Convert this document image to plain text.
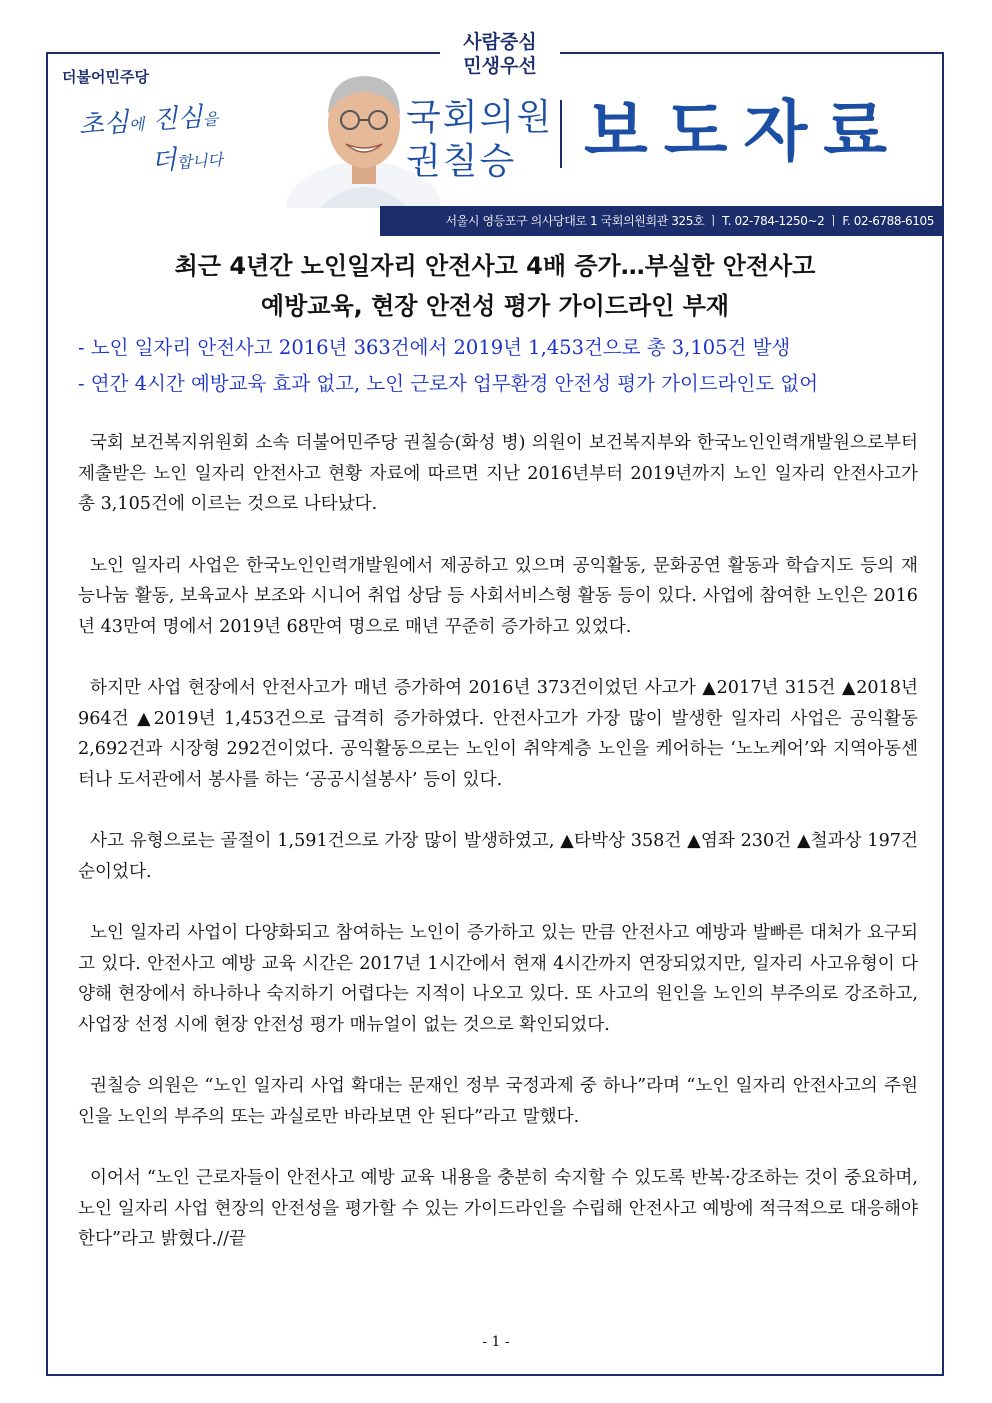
사람중심
민생우선
더불어민주당
초심에 진심을
더합니다
국회의원
권칠승	보도자료
서울시 영등포구 의사당대로 1 국회의원회관 325호 ㅣ T. 02-784-1250~2 ㅣ F. 02-6788-6105
최근 4년간 노인일자리 안전사고 4배 증가…부실한 안전사고
예방교육, 현장 안전성 평가 가이드라인 부재
- 노인 일자리 안전사고 2016년 363건에서 2019년 1,453건으로 총 3,105건 발생
- 연간 4시간 예방교육 효과 없고, 노인 근로자 업무환경 안전성 평가 가이드라인도 없어

국회 보건복지위원회 소속 더불어민주당 권칠승(화성 병) 의원이 보건복지부와 한국노인인력개발원으로부터 제출받은 노인 일자리 안전사고 현황 자료에 따르면 지난 2016년부터 2019년까지 노인 일자리 안전사고가 총 3,105건에 이르는 것으로 나타났다.

노인 일자리 사업은 한국노인인력개발원에서 제공하고 있으며 공익활동, 문화공연 활동과 학습지도 등의 재능나눔 활동, 보육교사 보조와 시니어 취업 상담 등 사회서비스형 활동 등이 있다. 사업에 참여한 노인은 2016년 43만여 명에서 2019년 68만여 명으로 매년 꾸준히 증가하고 있었다.

하지만 사업 현장에서 안전사고가 매년 증가하여 2016년 373건이었던 사고가 ▲2017년 315건 ▲2018년 964건 ▲2019년 1,453건으로 급격히 증가하였다. 안전사고가 가장 많이 발생한 일자리 사업은 공익활동 2,692건과 시장형 292건이었다. 공익활동으로는 노인이 취약계층 노인을 케어하는 ‘노노케어’와 지역아동센터나 도서관에서 봉사를 하는 ‘공공시설봉사’ 등이 있다.

사고 유형으로는 골절이 1,591건으로 가장 많이 발생하였고, ▲타박상 358건 ▲염좌 230건 ▲철과상 197건 순이었다.

노인 일자리 사업이 다양화되고 참여하는 노인이 증가하고 있는 만큼 안전사고 예방과 발빠른 대처가 요구되고 있다. 안전사고 예방 교육 시간은 2017년 1시간에서 현재 4시간까지 연장되었지만, 일자리 사고유형이 다양해 현장에서 하나하나 숙지하기 어렵다는 지적이 나오고 있다. 또 사고의 원인을 노인의 부주의로 강조하고, 사업장 선정 시에 현장 안전성 평가 매뉴얼이 없는 것으로 확인되었다.

권칠승 의원은 “노인 일자리 사업 확대는 문재인 정부 국정과제 중 하나”라며 “노인 일자리 안전사고의 주원인을 노인의 부주의 또는 과실로만 바라보면 안 된다”라고 말했다.

이어서 “노인 근로자들이 안전사고 예방 교육 내용을 충분히 숙지할 수 있도록 반복·강조하는 것이 중요하며, 노인 일자리 사업 현장의 안전성을 평가할 수 있는 가이드라인을 수립해 안전사고 예방에 적극적으로 대응해야 한다”라고 밝혔다.//끝

- 1 -
